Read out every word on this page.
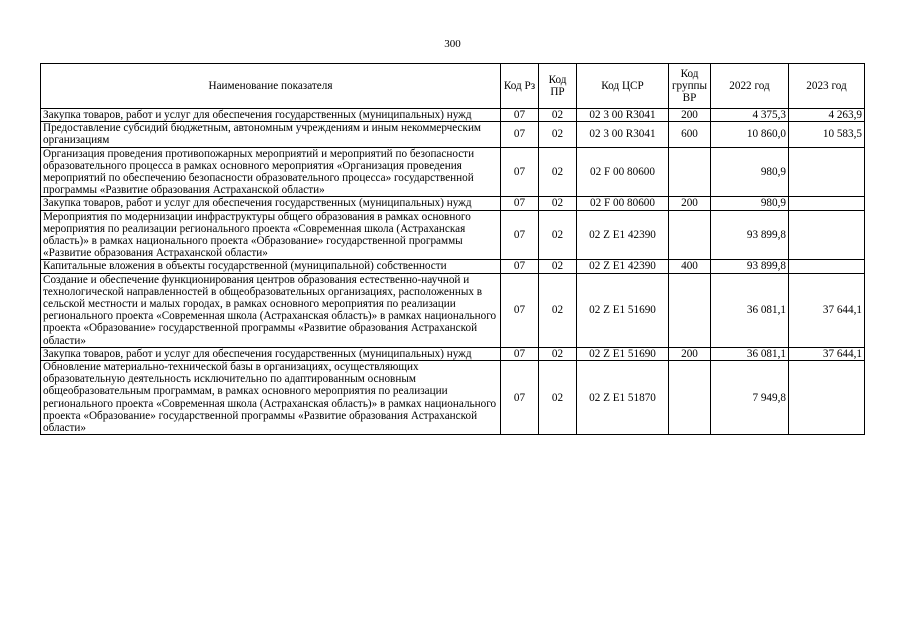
300
Наименование показателя	Код Рз	Код ПР	Код ЦСР	Код группы ВР	2022 год	2023 год
Закупка товаров, работ и услуг для обеспечения государственных (муниципальных) нужд	07	02	02 3 00 R3041	200	4 375,3	4 263,9
Предоставление субсидий бюджетным, автономным учреждениям и иным некоммерческим организациям	07	02	02 3 00 R3041	600	10 860,0	10 583,5
Организация проведения противопожарных мероприятий и мероприятий по безопасности образовательного процесса в рамках основного мероприятия «Организация проведения мероприятий по обеспечению безопасности образовательного процесса» государственной программы «Развитие образования Астраханской области»	07	02	02 F 00 80600		980,9	
Закупка товаров, работ и услуг для обеспечения государственных (муниципальных) нужд	07	02	02 F 00 80600	200	980,9	
Мероприятия по модернизации инфраструктуры общего образования в рамках основного мероприятия по реализации регионального проекта «Современная школа (Астраханская область)» в рамках национального проекта «Образование» государственной программы «Развитие образования Астраханской области»	07	02	02 Z E1 42390		93 899,8	
Капитальные вложения в объекты государственной (муниципальной) собственности	07	02	02 Z E1 42390	400	93 899,8	
Создание и обеспечение функционирования центров образования естественно-научной и технологической направленностей в общеобразовательных организациях, расположенных в сельской местности и малых городах, в рамках основного мероприятия по реализации регионального проекта «Современная школа (Астраханская область)» в рамках национального проекта «Образование» государственной программы «Развитие образования Астраханской области»	07	02	02 Z E1 51690		36 081,1	37 644,1
Закупка товаров, работ и услуг для обеспечения государственных (муниципальных) нужд	07	02	02 Z E1 51690	200	36 081,1	37 644,1
Обновление материально-технической базы в организациях, осуществляющих образовательную деятельность исключительно по адаптированным основным общеобразовательным программам, в рамках основного мероприятия по реализации регионального проекта «Современная школа (Астраханская область)» в рамках национального проекта «Образование» государственной программы «Развитие образования Астраханской области»	07	02	02 Z E1 51870		7 949,8	
